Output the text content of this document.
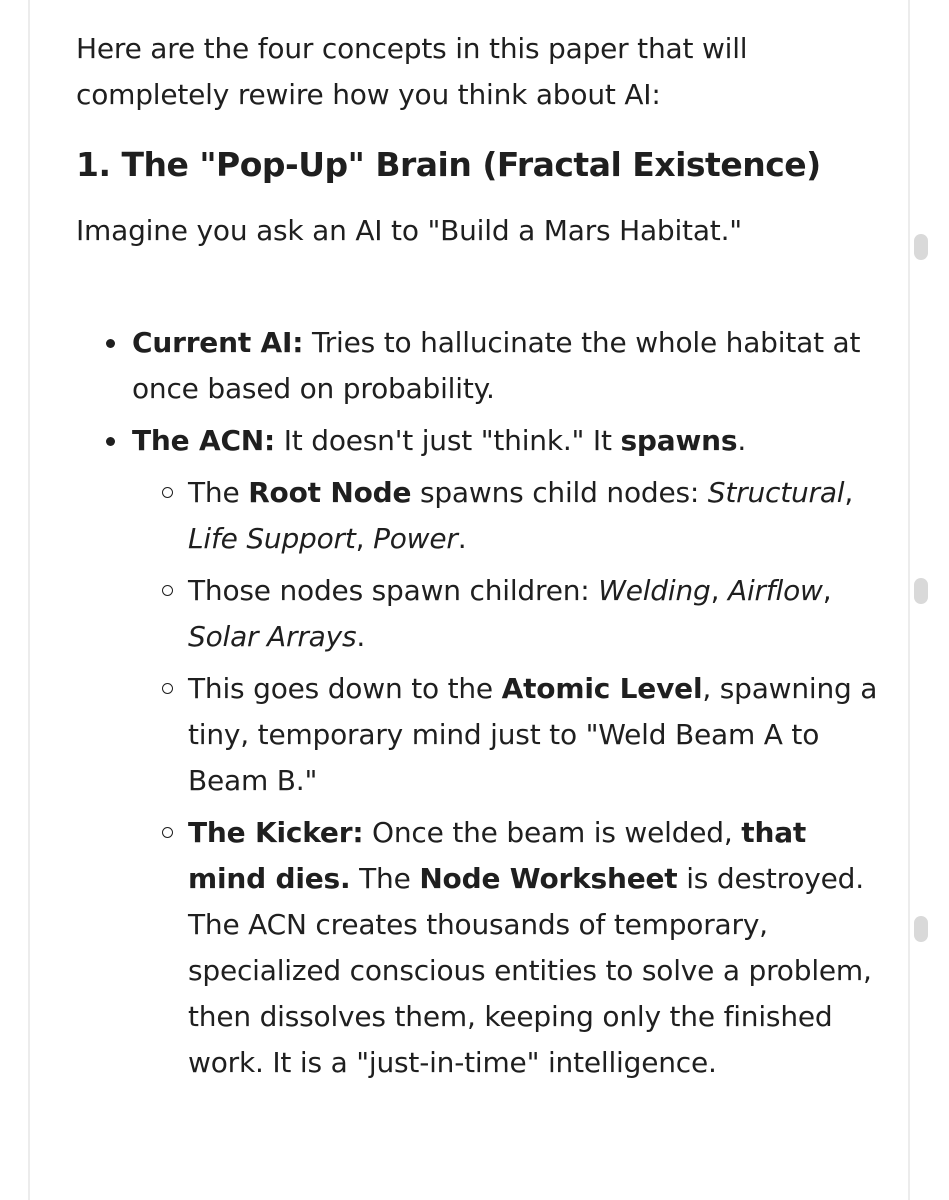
Here are the four concepts in this paper that will completely rewire how you think about AI:

1. The "Pop-Up" Brain (Fractal Existence)

Imagine you ask an AI to "Build a Mars Habitat."

Current AI: Tries to hallucinate the whole habitat at once based on probability.
The ACN: It doesn't just "think." It spawns.
The Root Node spawns child nodes: Structural, Life Support, Power.
Those nodes spawn children: Welding, Airflow, Solar Arrays.
This goes down to the Atomic Level, spawning a tiny, temporary mind just to "Weld Beam A to Beam B."
The Kicker: Once the beam is welded, that mind dies. The Node Worksheet is destroyed. The ACN creates thousands of temporary, specialized conscious entities to solve a problem, then dissolves them, keeping only the finished work. It is a "just-in-time" intelligence.
